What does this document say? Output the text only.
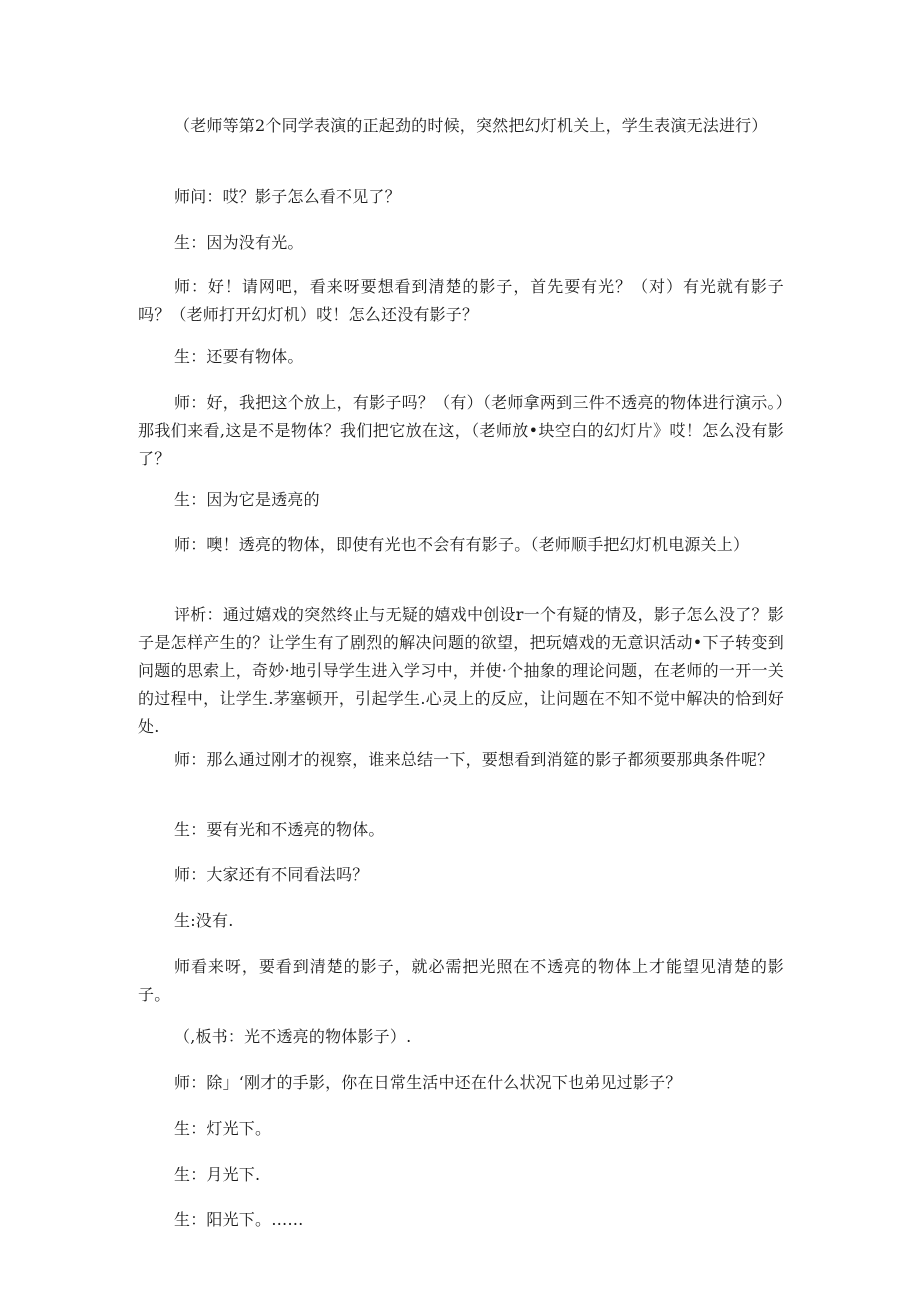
（老师等第2个同学表演的正起劲的时候，突然把幻灯机关上，学生表演无法进行）

师问：哎？影子怎么看不见了？

生：因为没有光。

师：好！请网吧，看来呀要想看到清楚的影子，首先要有光？（对）有光就有影子吗？（老师打开幻灯机）哎！怎么还没有影子？

生：还要有物体。

师：好，我把这个放上，有影子吗？（有）（老师拿两到三件不透亮的物体进行演示。）那我们来看,这是不是物体？我们把它放在这，（老师放•块空白的幻灯片》哎！怎么没有影了？

生：因为它是透亮的

师：噢！透亮的物体，即使有光也不会有有影子。（老师顺手把幻灯机电源关上）

评析：通过嬉戏的突然终止与无疑的嬉戏中创设r一个有疑的情及，影子怎么没了？影子是怎样产生的？让学生有了剧烈的解决问题的欲望，把玩嬉戏的无意识活动•下子转变到问题的思索上，奇妙·地引导学生进入学习中，并使·个抽象的理论问题，在老师的一开一关的过程中，让学生.茅塞顿开，引起学生.心灵上的反应，让问题在不知不觉中解决的恰到好处.

师：那么通过刚才的视察，谁来总结一下，要想看到消筵的影子都须要那典条件呢？

生：要有光和不透亮的物体。

师：大家还有不同看法吗？

生:没有.

师看来呀，要看到清楚的影子，就必需把光照在不透亮的物体上才能望见清楚的影子。

（,板书：光不透亮的物体影子）.

师：除」‘刚才的手影，你在日常生活中还在什么状况下也弟见过影子？

生：灯光下。

生：月光下.

生：阳光下。……
